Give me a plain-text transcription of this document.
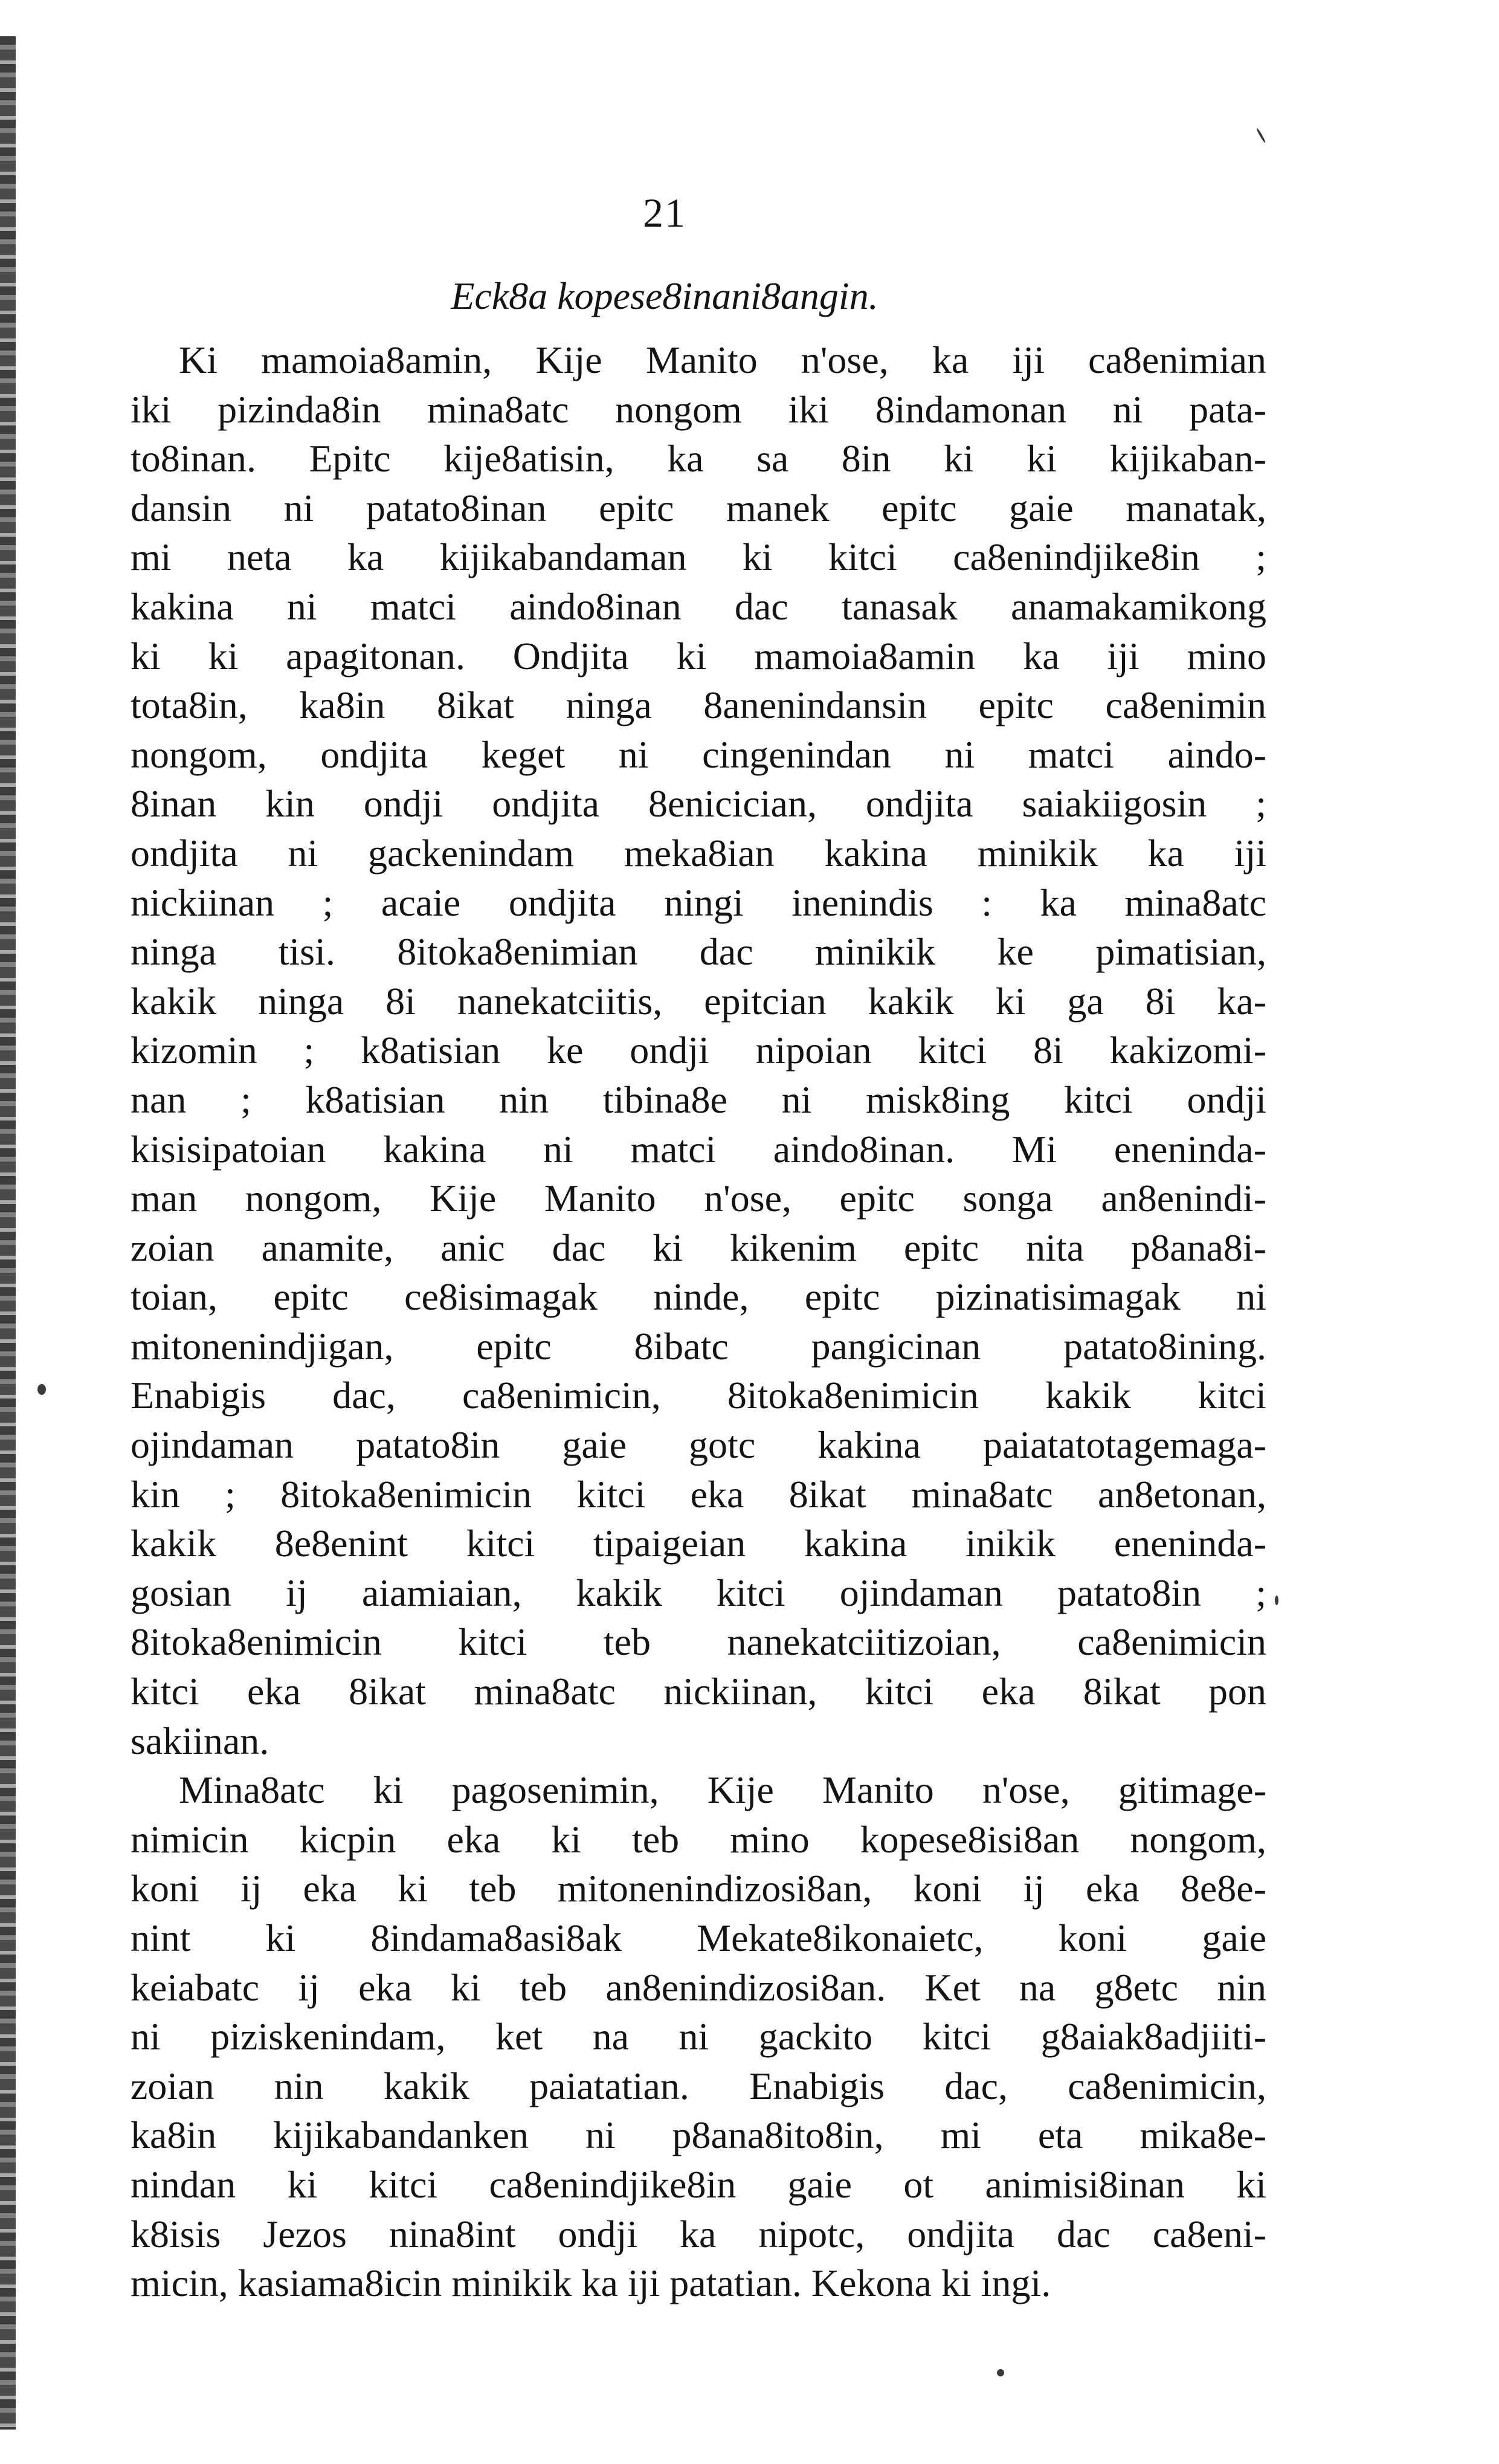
21
Eck8a kopese8inani8angin.
Ki mamoia8amin, Kije Manito n'ose, ka iji ca8enimian
iki pizinda8in mina8atc nongom iki 8indamonan ni pata-
to8inan. Epitc kije8atisin, ka sa 8in ki ki kijikaban-
dansin ni patato8inan epitc manek epitc gaie manatak,
mi neta ka kijikabandaman ki kitci ca8enindjike8in ;
kakina ni matci aindo8inan dac tanasak anamakamikong
ki ki apagitonan. Ondjita ki mamoia8amin ka iji mino
tota8in, ka8in 8ikat ninga 8anenindansin epitc ca8enimin
nongom, ondjita keget ni cingenindan ni matci aindo-
8inan kin ondji ondjita 8enicician, ondjita saiakiigosin ;
ondjita ni gackenindam meka8ian kakina minikik ka iji
nickiinan ; acaie ondjita ningi inenindis : ka mina8atc
ninga tisi. 8itoka8enimian dac minikik ke pimatisian,
kakik ninga 8i nanekatciitis, epitcian kakik ki ga 8i ka-
kizomin ; k8atisian ke ondji nipoian kitci 8i kakizomi-
nan ; k8atisian nin tibina8e ni misk8ing kitci ondji
kisisipatoian kakina ni matci aindo8inan. Mi eneninda-
man nongom, Kije Manito n'ose, epitc songa an8enindi-
zoian anamite, anic dac ki kikenim epitc nita p8ana8i-
toian, epitc ce8isimagak ninde, epitc pizinatisimagak ni
mitonenindjigan, epitc 8ibatc pangicinan patato8ining.
Enabigis dac, ca8enimicin, 8itoka8enimicin kakik kitci
ojindaman patato8in gaie gotc kakina paiatatotagemaga-
kin ; 8itoka8enimicin kitci eka 8ikat mina8atc an8etonan,
kakik 8e8enint kitci tipaigeian kakina inikik eneninda-
gosian ij aiamiaian, kakik kitci ojindaman patato8in ;
8itoka8enimicin kitci teb nanekatciitizoian, ca8enimicin
kitci eka 8ikat mina8atc nickiinan, kitci eka 8ikat pon
sakiinan.
Mina8atc ki pagosenimin, Kije Manito n'ose, gitimage-
nimicin kicpin eka ki teb mino kopese8isi8an nongom,
koni ij eka ki teb mitonenindizosi8an, koni ij eka 8e8e-
nint ki 8indama8asi8ak Mekate8ikonaietc, koni gaie
keiabatc ij eka ki teb an8enindizosi8an. Ket na g8etc nin
ni piziskenindam, ket na ni gackito kitci g8aiak8adjiiti-
zoian nin kakik paiatatian. Enabigis dac, ca8enimicin,
ka8in kijikabandanken ni p8ana8ito8in, mi eta mika8e-
nindan ki kitci ca8enindjike8in gaie ot animisi8inan ki
k8isis Jezos nina8int ondji ka nipotc, ondjita dac ca8eni-
micin, kasiama8icin minikik ka iji patatian. Kekona ki ingi.
